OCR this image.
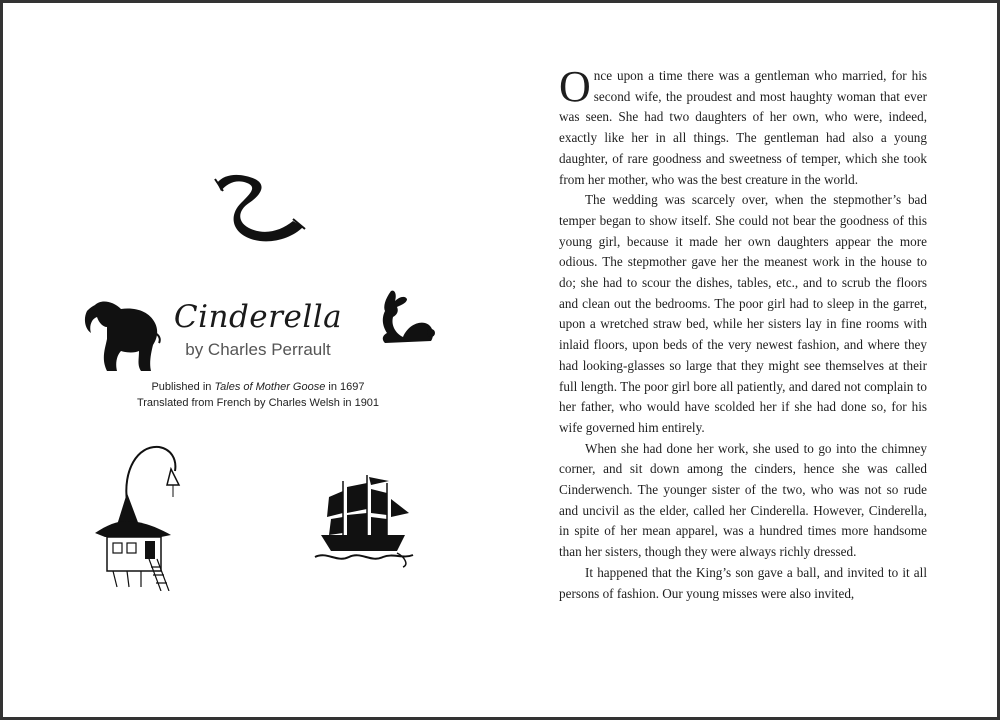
Cinderella
by Charles Perrault
Published in Tales of Mother Goose in 1697
Translated from French by Charles Welsh in 1901

Once upon a time there was a gentleman who married, for his second wife, the proudest and most haughty woman that ever was seen. She had two daughters of her own, who were, indeed, exactly like her in all things. The gentleman had also a young daughter, of rare goodness and sweetness of temper, which she took from her mother, who was the best creature in the world.

The wedding was scarcely over, when the stepmother’s bad temper began to show itself. She could not bear the goodness of this young girl, because it made her own daughters appear the more odious. The stepmother gave her the meanest work in the house to do; she had to scour the dishes, tables, etc., and to scrub the floors and clean out the bedrooms. The poor girl had to sleep in the garret, upon a wretched straw bed, while her sisters lay in fine rooms with inlaid floors, upon beds of the very newest fashion, and where they had looking-glasses so large that they might see themselves at their full length. The poor girl bore all patiently, and dared not complain to her father, who would have scolded her if she had done so, for his wife governed him entirely.

When she had done her work, she used to go into the chimney corner, and sit down among the cinders, hence she was called Cinderwench. The younger sister of the two, who was not so rude and uncivil as the elder, called her Cinderella. However, Cinderella, in spite of her mean apparel, was a hundred times more handsome than her sisters, though they were always richly dressed.

It happened that the King’s son gave a ball, and invited to it all persons of fashion. Our young misses were also invited,
